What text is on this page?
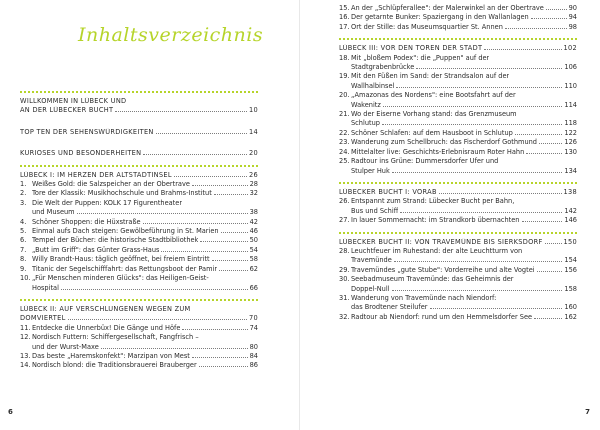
Inhaltsverzeichnis
WILLKOMMEN IN LÜBECK UND
AN DER LÜBECKER BUCHT	10
TOP TEN DER SEHENSWÜRDIGKEITEN	14
KURIOSES UND BESONDERHEITEN	20
LÜBECK I: IM HERZEN DER ALTSTADTINSEL	26
1. Weißes Gold: die Salzspeicher an der Obertrave	28
2. Tore der Klassik: Musikhochschule und Brahms-Institut	32
3. Die Welt der Puppen: KOLK 17 Figurentheater
und Museum	38
4. Schöner Shoppen: die Hüxstraße	42
5. Einmal aufs Dach steigen: Gewölbeführung in St. Marien	46
6. Tempel der Bücher: die historische Stadtbibliothek	50
7. „Butt im Griff": das Günter Grass-Haus	54
8. Willy Brandt-Haus: täglich geöffnet, bei freiem Eintritt	58
9. Titanic der Segelschifffahrt: das Rettungsboot der Pamir	62
10. „Für Menschen minderen Glücks": das Heiligen-Geist-
Hospital	66
LÜBECK II: AUF VERSCHLUNGENEN WEGEN ZUM
DOMVIERTEL	70
11. Entdecke die Unnerbüx! Die Gänge und Höfe	74
12. Nordisch Futtern: Schiffergesellschaft, Fangfrisch –
und der Wurst-Maxe	80
13. Das beste „Haremskonfekt": Marzipan von Mest	84
14. Nordisch blond: die Traditionsbrauerei Brauberger	86
6
15. An der „Schlüpferallee": der Malerwinkel an der Obertrave	90
16. Der getarnte Bunker: Spaziergang in den Wallanlagen	94
17. Ort der Stille: das Museumsquartier St. Annen	98
LÜBECK III: VOR DEN TOREN DER STADT	102
18. Mit „bloßem Podex": die „Puppen" auf der
Stadtgrabenbrücke	106
19. Mit den Füßen im Sand: der Strandsalon auf der
Wallhalbinsel	110
20. „Amazonas des Nordens": eine Bootsfahrt auf der
Wakenitz	114
21. Wo der Eiserne Vorhang stand: das Grenzmuseum
Schlutup	118
22. Schöner Schlafen: auf dem Hausboot in Schlutup	122
23. Wanderung zum Schellbruch: das Fischerdorf Gothmund	126
24. Mittelalter live: Geschichts-Erlebnisraum Roter Hahn	130
25. Radtour ins Grüne: Dummersdorfer Ufer und
Stulper Huk	134
LÜBECKER BUCHT I: VORAB	138
26. Entspannt zum Strand: Lübecker Bucht per Bahn,
Bus und Schiff	142
27. In lauer Sommernacht: im Strandkorb übernachten	146
LÜBECKER BUCHT II: VON TRAVEMÜNDE BIS SIERKSDORF	150
28. Leuchtfeuer im Ruhestand: der alte Leuchtturm von
Travemünde	154
29. Travemündes „gute Stube": Vorderreihe und alte Vogtei	156
30. Seebadmuseum Travemünde: das Geheimnis der
Doppel-Null	158
31. Wanderung von Travemünde nach Niendorf:
das Brodtener Steilufer	160
32. Radtour ab Niendorf: rund um den Hemmelsdorfer See	162
7
